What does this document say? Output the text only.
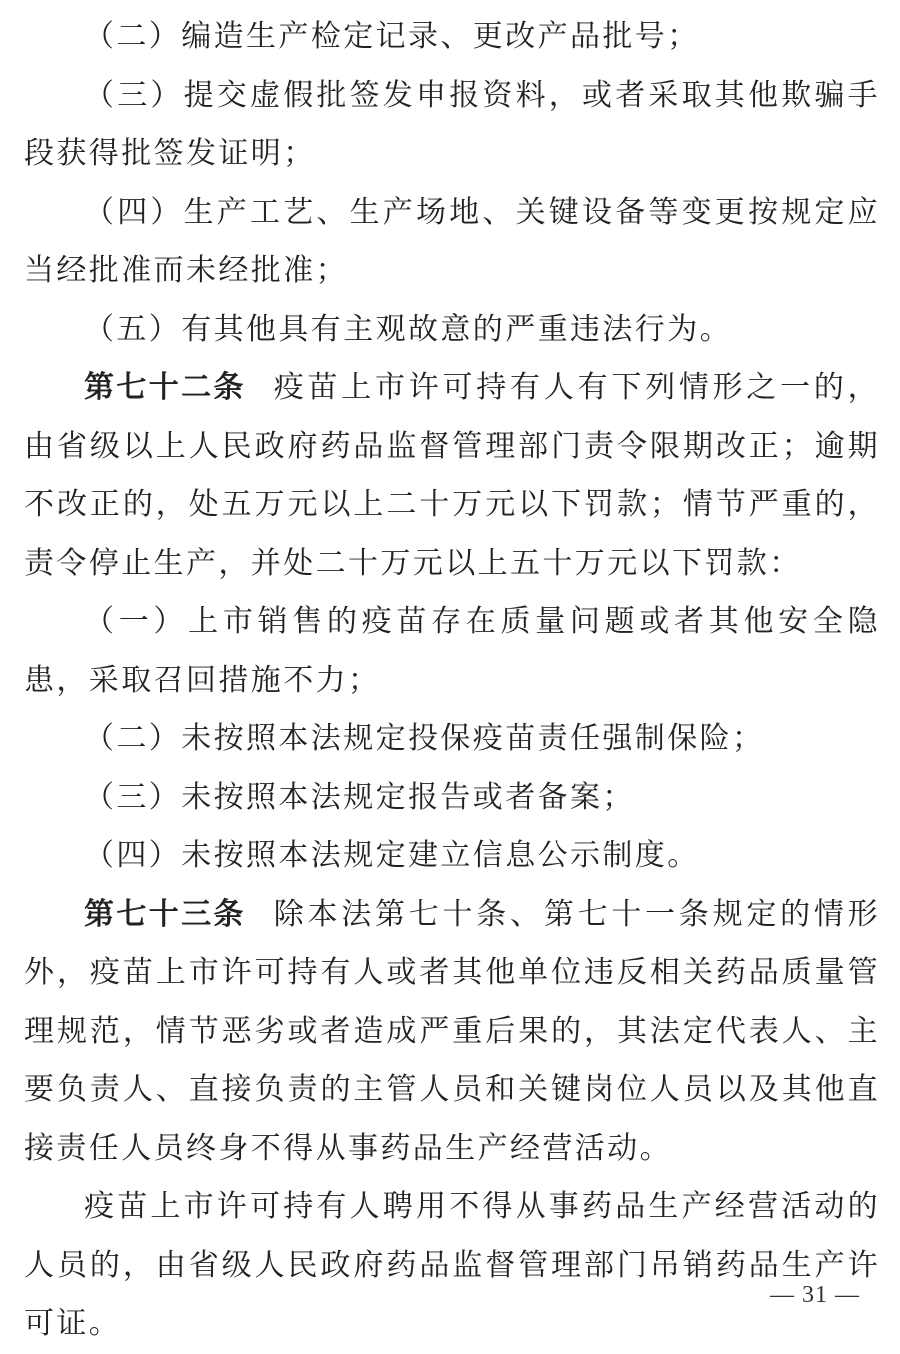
（二）编造生产检定记录、更改产品批号；

（三）提交虚假批签发申报资料，或者采取其他欺骗手段获得批签发证明；

（四）生产工艺、生产场地、关键设备等变更按规定应当经批准而未经批准；

（五）有其他具有主观故意的严重违法行为。

第七十二条 疫苗上市许可持有人有下列情形之一的，由省级以上人民政府药品监督管理部门责令限期改正；逾期不改正的，处五万元以上二十万元以下罚款；情节严重的，责令停止生产，并处二十万元以上五十万元以下罚款：

（一）上市销售的疫苗存在质量问题或者其他安全隐患，采取召回措施不力；

（二）未按照本法规定投保疫苗责任强制保险；

（三）未按照本法规定报告或者备案；

（四）未按照本法规定建立信息公示制度。

第七十三条 除本法第七十条、第七十一条规定的情形外，疫苗上市许可持有人或者其他单位违反相关药品质量管理规范，情节恶劣或者造成严重后果的，其法定代表人、主要负责人、直接负责的主管人员和关键岗位人员以及其他直接责任人员终身不得从事药品生产经营活动。

疫苗上市许可持有人聘用不得从事药品生产经营活动的人员的，由省级人民政府药品监督管理部门吊销药品生产许可证。

— 31 —
